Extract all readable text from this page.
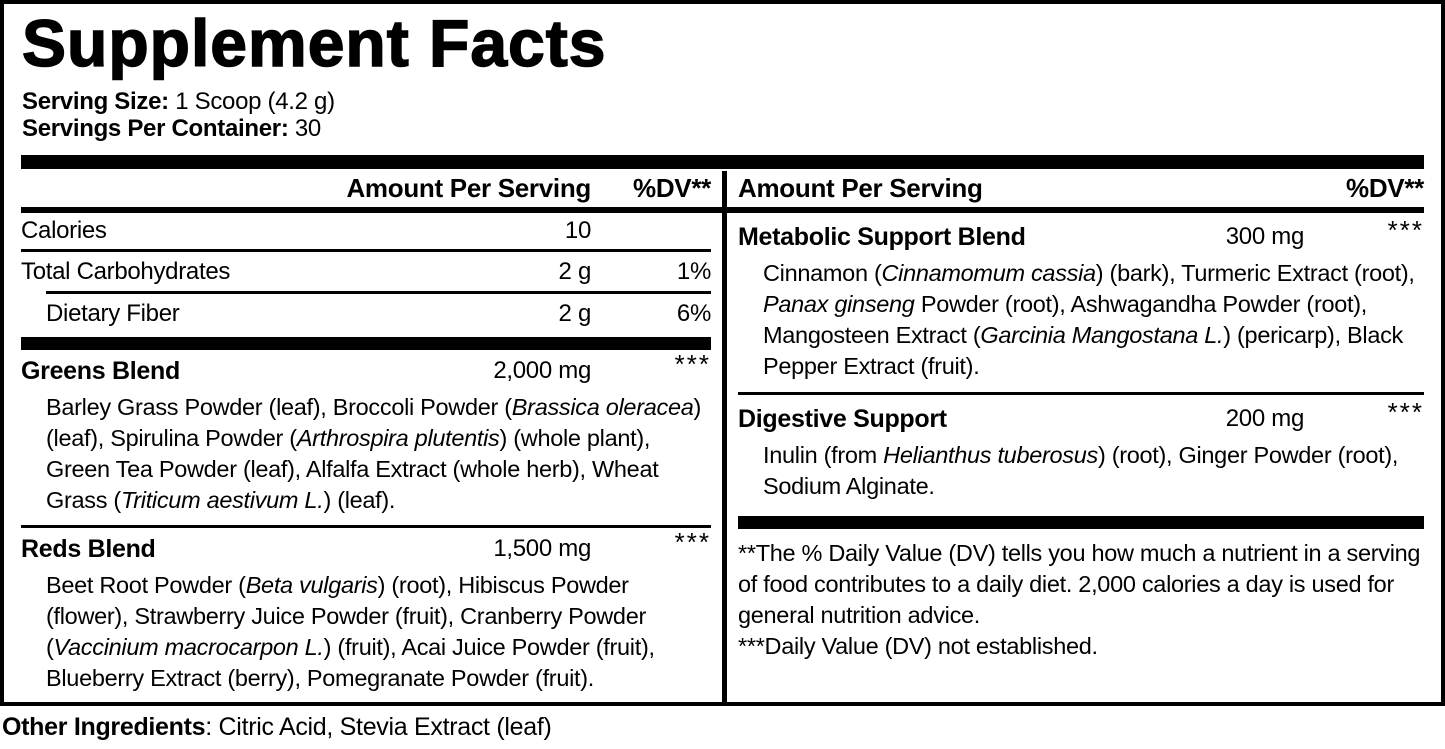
Supplement Facts
Serving Size: 1 Scoop (4.2 g)
Servings Per Container: 30
Amount Per Serving	%DV** Amount Per Serving	%DV**
Calories	10
Total Carbohydrates	2 g	1%
Dietary Fiber	2 g	6%
Greens Blend	2,000 mg	***
Barley Grass Powder (leaf), Broccoli Powder (Brassica oleracea) (leaf), Spirulina Powder (Arthrospira plutentis) (whole plant), Green Tea Powder (leaf), Alfalfa Extract (whole herb), Wheat Grass (Triticum aestivum L.) (leaf).
Reds Blend	1,500 mg	***
Beet Root Powder (Beta vulgaris) (root), Hibiscus Powder (flower), Strawberry Juice Powder (fruit), Cranberry Powder (Vaccinium macrocarpon L.) (fruit), Acai Juice Powder (fruit), Blueberry Extract (berry), Pomegranate Powder (fruit).
Metabolic Support Blend	300 mg	***
Cinnamon (Cinnamomum cassia) (bark), Turmeric Extract (root), Panax ginseng Powder (root), Ashwagandha Powder (root), Mangosteen Extract (Garcinia Mangostana L.) (pericarp), Black Pepper Extract (fruit).
Digestive Support	200 mg	***
Inulin (from Helianthus tuberosus) (root), Ginger Powder (root), Sodium Alginate.
**The % Daily Value (DV) tells you how much a nutrient in a serving of food contributes to a daily diet. 2,000 calories a day is used for general nutrition advice.
***Daily Value (DV) not established.
Other Ingredients: Citric Acid, Stevia Extract (leaf)
